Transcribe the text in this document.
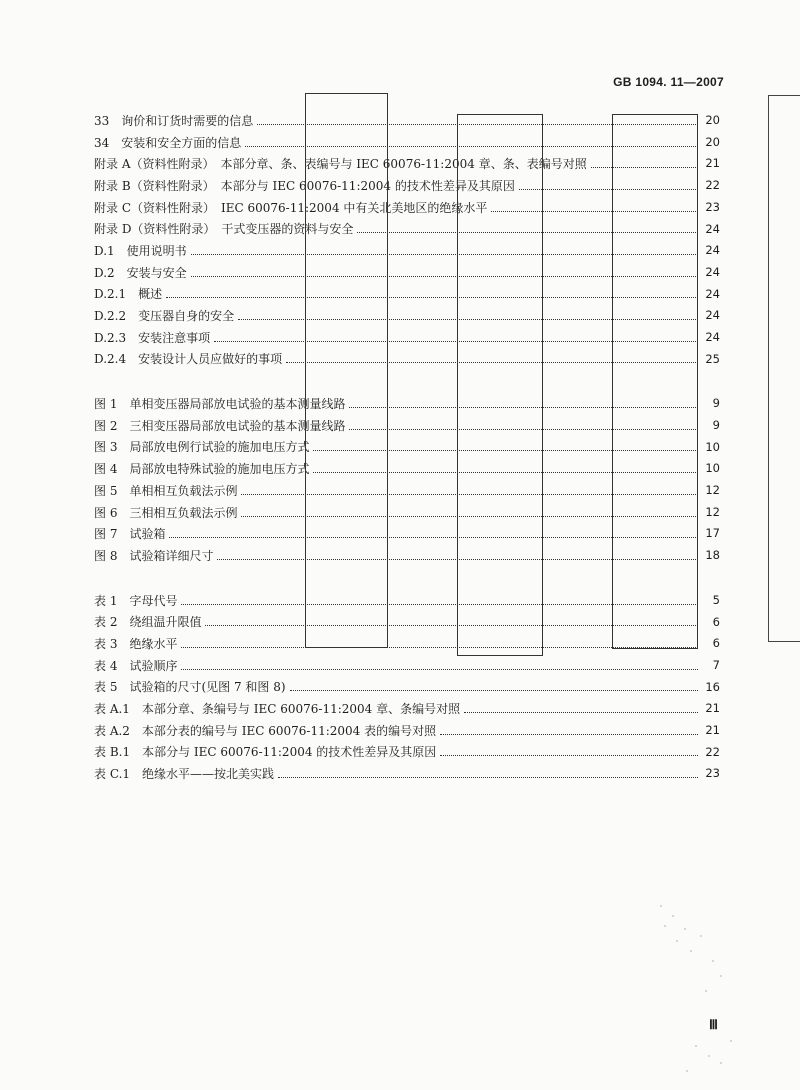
GB 1094. 11—2007
33　询价和订货时需要的信息	20
34　安装和安全方面的信息	20
附录 A（资料性附录）　本部分章、条、表编号与 IEC 60076-11:2004 章、条、表编号对照	21
附录 B（资料性附录）　本部分与 IEC 60076-11:2004 的技术性差异及其原因	22
附录 C（资料性附录）　IEC 60076-11:2004 中有关北美地区的绝缘水平	23
附录 D（资料性附录）　干式变压器的资料与安全	24
D.1　使用说明书	24
D.2　安装与安全	24
D.2.1　概述	24
D.2.2　变压器自身的安全	24
D.2.3　安装注意事项	24
D.2.4　安装设计人员应做好的事项	25
图 1　单相变压器局部放电试验的基本测量线路	9
图 2　三相变压器局部放电试验的基本测量线路	9
图 3　局部放电例行试验的施加电压方式	10
图 4　局部放电特殊试验的施加电压方式	10
图 5　单相相互负载法示例	12
图 6　三相相互负载法示例	12
图 7　试验箱	17
图 8　试验箱详细尺寸	18
表 1　字母代号	5
表 2　绕组温升限值	6
表 3　绝缘水平	6
表 4　试验顺序	7
表 5　试验箱的尺寸(见图 7 和图 8)	16
表 A.1　本部分章、条编号与 IEC 60076-11:2004 章、条编号对照	21
表 A.2　本部分表的编号与 IEC 60076-11:2004 表的编号对照	21
表 B.1　本部分与 IEC 60076-11:2004 的技术性差异及其原因	22
表 C.1　绝缘水平——按北美实践	23
Ⅲ
